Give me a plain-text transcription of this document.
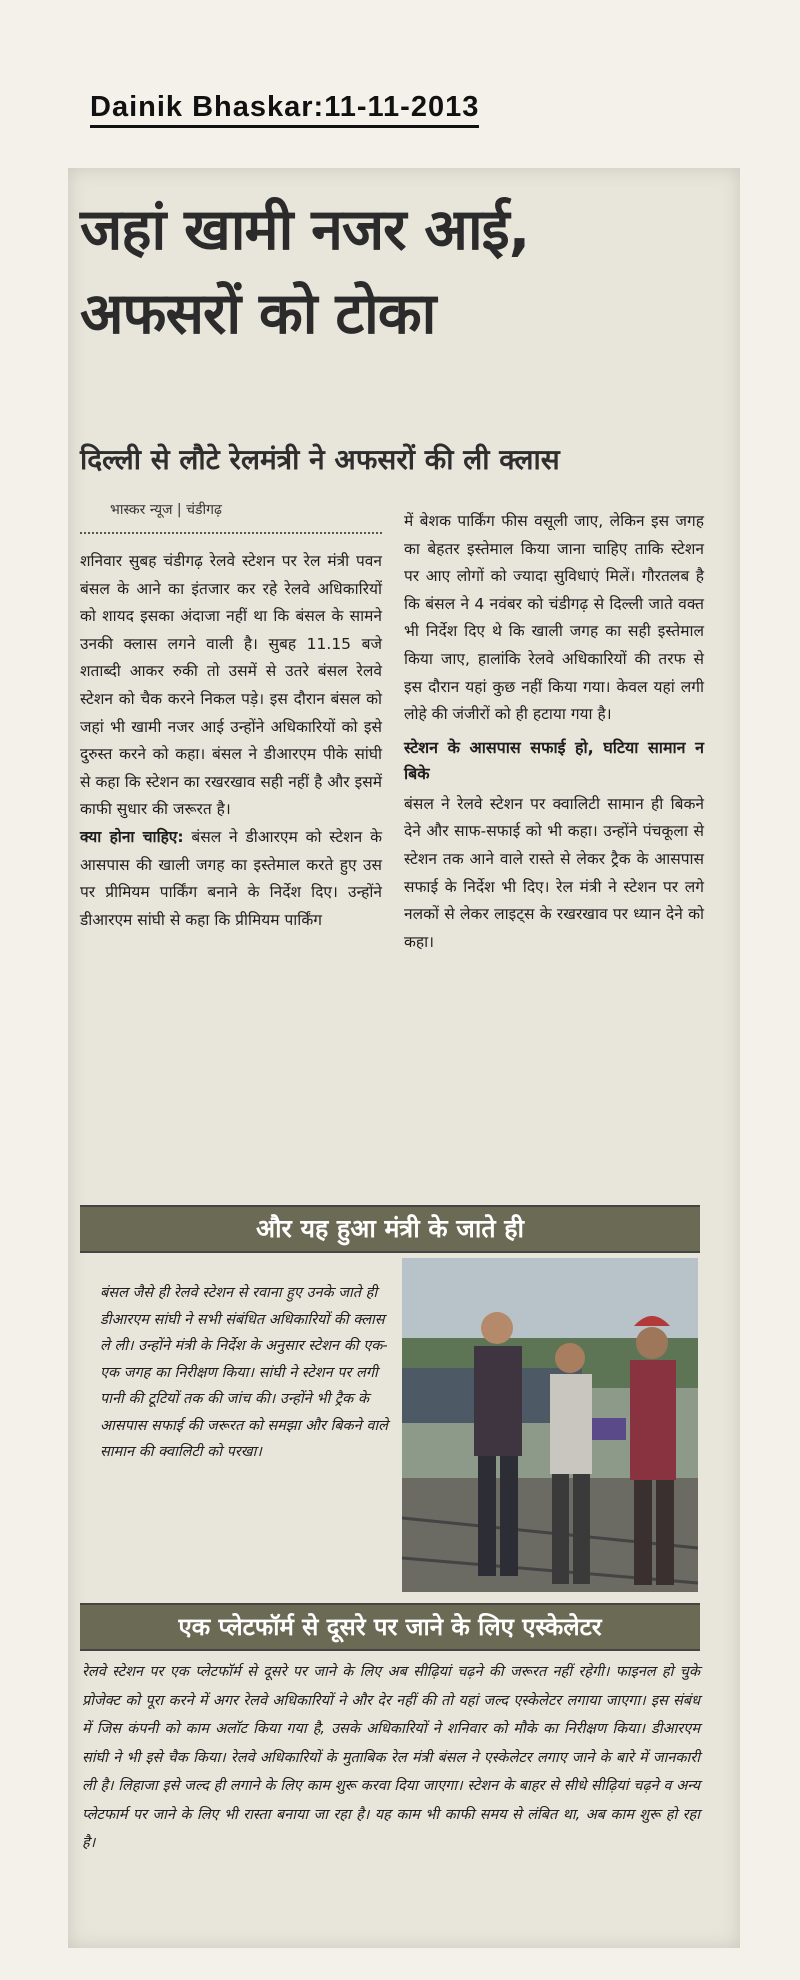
Dainik Bhaskar:11-11-2013
जहां खामी नजर आई, अफसरों को टोका
दिल्ली से लौटे रेलमंत्री ने अफसरों की ली क्लास
भास्कर न्यूज | चंडीगढ़

शनिवार सुबह चंडीगढ़ रेलवे स्टेशन पर रेल मंत्री पवन बंसल के आने का इंतजार कर रहे रेलवे अधिकारियों को शायद इसका अंदाजा नहीं था कि बंसल के सामने उनकी क्लास लगने वाली है। सुबह 11.15 बजे शताब्दी आकर रुकी तो उसमें से उतरे बंसल रेलवे स्टेशन को चैक करने निकल पड़े। इस दौरान बंसल को जहां भी खामी नजर आई उन्होंने अधिकारियों को इसे दुरुस्त करने को कहा। बंसल ने डीआरएम पीके सांघी से कहा कि स्टेशन का रखरखाव सही नहीं है और इसमें काफी सुधार की जरूरत है।

क्या होना चाहिए: बंसल ने डीआरएम को स्टेशन के आसपास की खाली जगह का इस्तेमाल करते हुए उस पर प्रीमियम पार्किंग बनाने के निर्देश दिए। उन्होंने डीआरएम सांघी से कहा कि प्रीमियम पार्किंग

में बेशक पार्किंग फीस वसूली जाए, लेकिन इस जगह का बेहतर इस्तेमाल किया जाना चाहिए ताकि स्टेशन पर आए लोगों को ज्यादा सुविधाएं मिलें। गौरतलब है कि बंसल ने 4 नवंबर को चंडीगढ़ से दिल्ली जाते वक्त भी निर्देश दिए थे कि खाली जगह का सही इस्तेमाल किया जाए, हालांकि रेलवे अधिकारियों की तरफ से इस दौरान यहां कुछ नहीं किया गया। केवल यहां लगी लोहे की जंजीरों को ही हटाया गया है।

स्टेशन के आसपास सफाई हो, घटिया सामान न बिके

बंसल ने रेलवे स्टेशन पर क्वालिटी सामान ही बिकने देने और साफ-सफाई को भी कहा। उन्होंने पंचकूला से स्टेशन तक आने वाले रास्ते से लेकर ट्रैक के आसपास सफाई के निर्देश भी दिए। रेल मंत्री ने स्टेशन पर लगे नलकों से लेकर लाइट्स के रखरखाव पर ध्यान देने को कहा।

और यह हुआ मंत्री के जाते ही

बंसल जैसे ही रेलवे स्टेशन से रवाना हुए उनके जाते ही डीआरएम सांघी ने सभी संबंधित अधिकारियों की क्लास ले ली। उन्होंने मंत्री के निर्देश के अनुसार स्टेशन की एक-एक जगह का निरीक्षण किया। सांघी ने स्टेशन पर लगी पानी की टूटियों तक की जांच की। उन्होंने भी ट्रैक के आसपास सफाई की जरूरत को समझा और बिकने वाले सामान की क्वालिटी को परखा।

एक प्लेटफॉर्म से दूसरे पर जाने के लिए एस्केलेटर

रेलवे स्टेशन पर एक प्लेटफॉर्म से दूसरे पर जाने के लिए अब सीढ़ियां चढ़ने की जरूरत नहीं रहेगी। फाइनल हो चुके प्रोजेक्ट को पूरा करने में अगर रेलवे अधिकारियों ने और देर नहीं की तो यहां जल्द एस्केलेटर लगाया जाएगा। इस संबंध में जिस कंपनी को काम अलॉट किया गया है, उसके अधिकारियों ने शनिवार को मौके का निरीक्षण किया। डीआरएम सांघी ने भी इसे चैक किया। रेलवे अधिकारियों के मुताबिक रेल मंत्री बंसल ने एस्केलेटर लगाए जाने के बारे में जानकारी ली है। लिहाजा इसे जल्द ही लगाने के लिए काम शुरू करवा दिया जाएगा। स्टेशन के बाहर से सीधे सीढ़ियां चढ़ने व अन्य प्लेटफार्म पर जाने के लिए भी रास्ता बनाया जा रहा है। यह काम भी काफी समय से लंबित था, अब काम शुरू हो रहा है।
